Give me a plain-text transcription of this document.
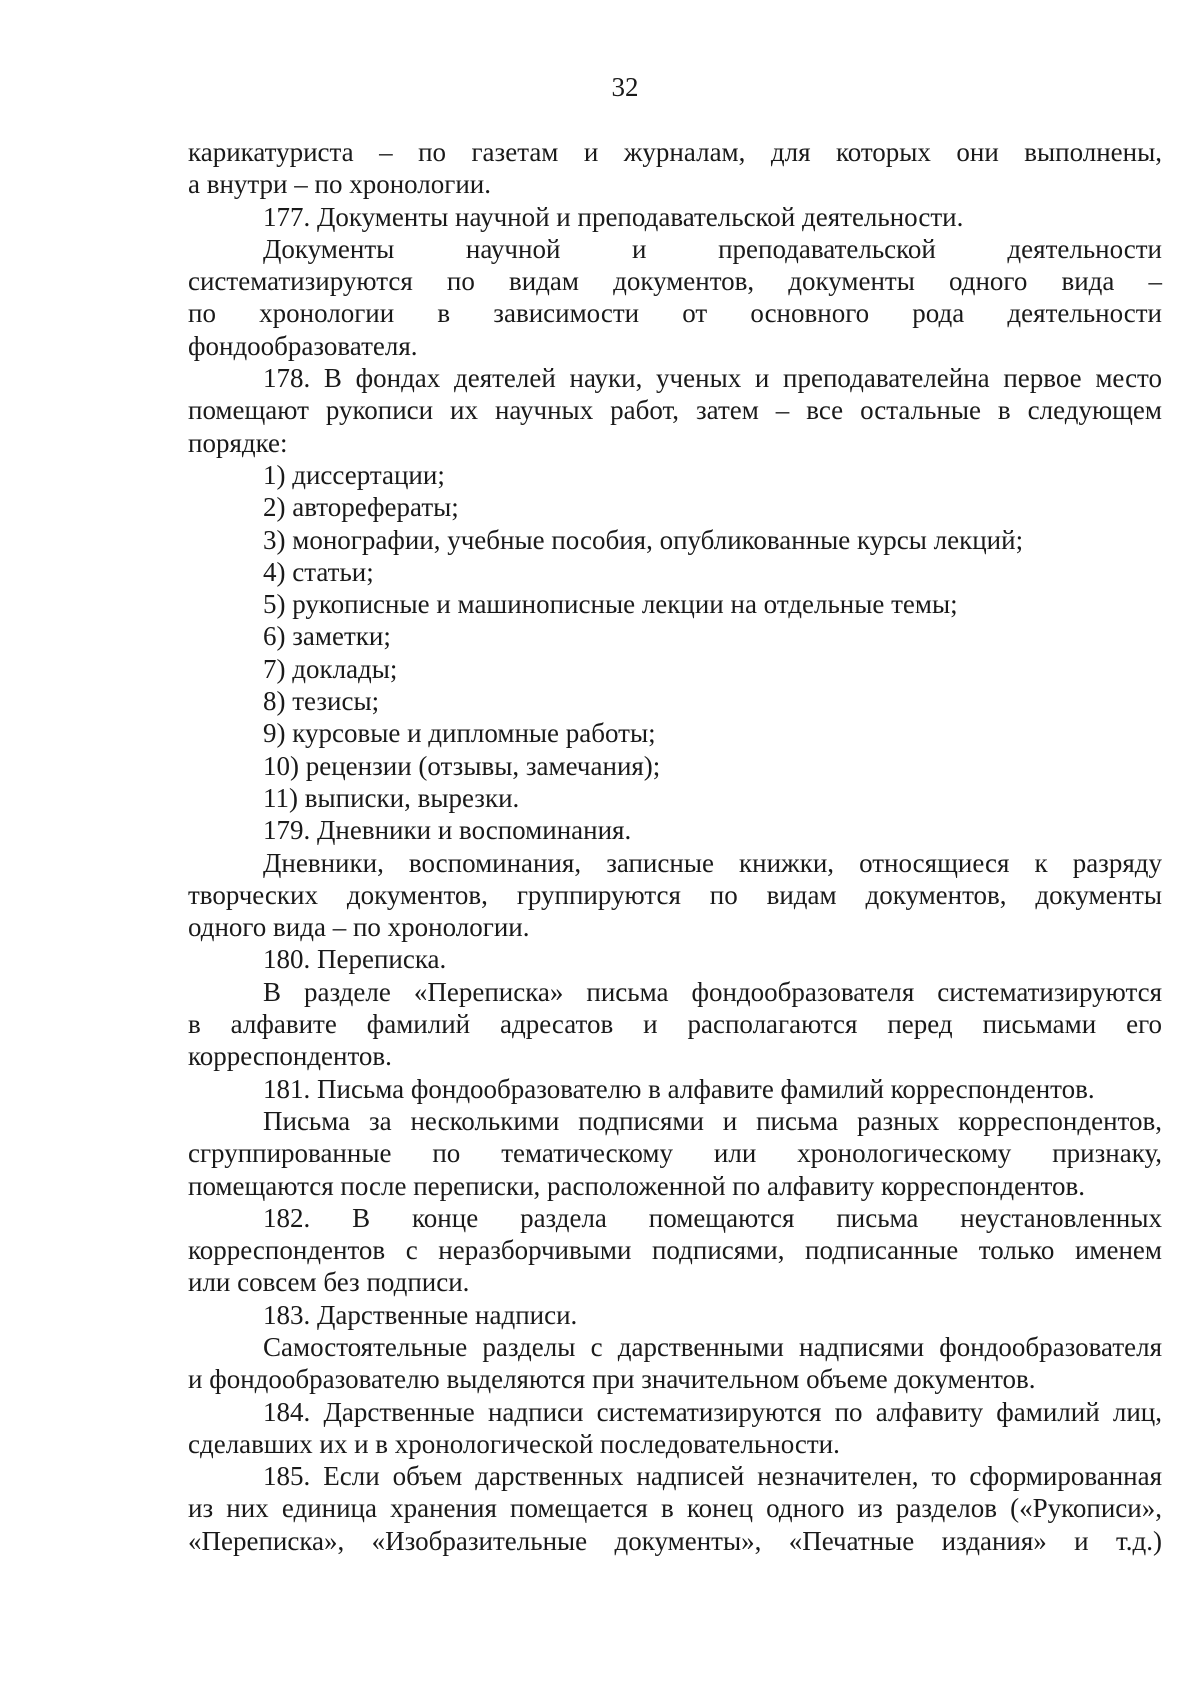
32

карикатуриста – по газетам и журналам, для которых они выполнены,

а внутри – по хронологии.

177. Документы научной и преподавательской деятельности.

Документы научной и преподавательской деятельности

систематизируются по видам документов, документы одного вида –

по хронологии в зависимости от основного рода деятельности

фондообразователя.

178. В фондах деятелей науки, ученых и преподавателейна первое место

помещают рукописи их научных работ, затем – все остальные в следующем

порядке:

1) диссертации;

2) авторефераты;

3) монографии, учебные пособия, опубликованные курсы лекций;

4) статьи;

5) рукописные и машинописные лекции на отдельные темы;

6) заметки;

7) доклады;

8) тезисы;

9) курсовые и дипломные работы;

10) рецензии (отзывы, замечания);

11) выписки, вырезки.

179. Дневники и воспоминания.

Дневники, воспоминания, записные книжки, относящиеся к разряду

творческих документов, группируются по видам документов, документы

одного вида – по хронологии.

180. Переписка.

В разделе «Переписка» письма фондообразователя систематизируются

в алфавите фамилий адресатов и располагаются перед письмами его

корреспондентов.

181. Письма фондообразователю в алфавите фамилий корреспондентов.

Письма за несколькими подписями и письма разных корреспондентов,

сгруппированные по тематическому или хронологическому признаку,

помещаются после переписки, расположенной по алфавиту корреспондентов.

182. В конце раздела помещаются письма неустановленных

корреспондентов с неразборчивыми подписями, подписанные только именем

или совсем без подписи.

183. Дарственные надписи.

Самостоятельные разделы с дарственными надписями фондообразователя

и фондообразователю выделяются при значительном объеме документов.

184. Дарственные надписи систематизируются по алфавиту фамилий лиц,

сделавших их и в хронологической последовательности.

185. Если объем дарственных надписей незначителен, то сформированная

из них единица хранения помещается в конец одного из разделов («Рукописи»,

«Переписка», «Изобразительные документы», «Печатные издания» и т.д.)
